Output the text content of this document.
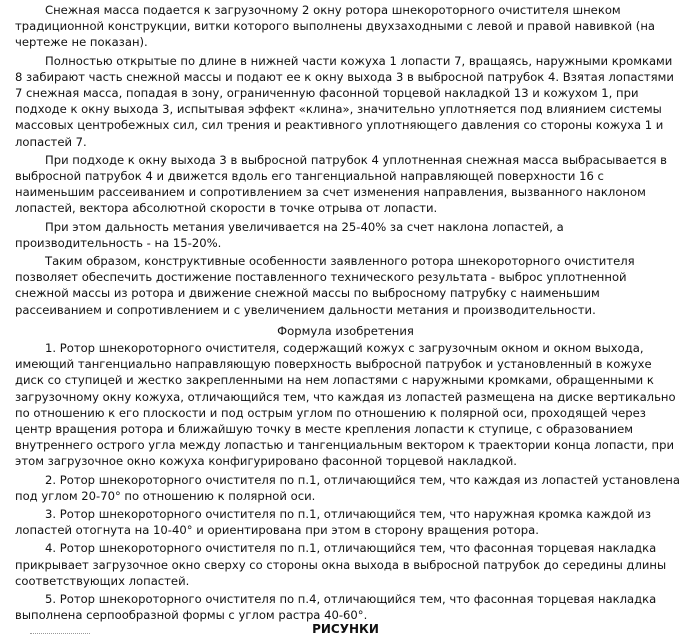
Снежная масса подается к загрузочному 2 окну ротора шнекороторного очистителя шнеком традиционной конструкции, витки которого выполнены двухзаходными с левой и правой навивкой (на чертеже не показан).

Полностью открытые по длине в нижней части кожуха 1 лопасти 7, вращаясь, наружными кромками 8 забирают часть снежной массы и подают ее к окну выхода 3 в выбросной патрубок 4. Взятая лопастями 7 снежная масса, попадая в зону, ограниченную фасонной торцевой накладкой 13 и кожухом 1, при подходе к окну выхода 3, испытывая эффект «клина», значительно уплотняется под влиянием системы массовых центробежных сил, сил трения и реактивного уплотняющего давления со стороны кожуха 1 и лопастей 7.

При подходе к окну выхода 3 в выбросной патрубок 4 уплотненная снежная масса выбрасывается в выбросной патрубок 4 и движется вдоль его тангенциальной направляющей поверхности 16 с наименьшим рассеиванием и сопротивлением за счет изменения направления, вызванного наклоном лопастей, вектора абсолютной скорости в точке отрыва от лопасти.

При этом дальность метания увеличивается на 25-40% за счет наклона лопастей, а производительность - на 15-20%.

Таким образом, конструктивные особенности заявленного ротора шнекороторного очистителя позволяет обеспечить достижение поставленного технического результата - выброс уплотненной снежной массы из ротора и движение снежной массы по выбросному патрубку с наименьшим рассеиванием и сопротивлением и с увеличением дальности метания и производительности.

Формула изобретения

1. Ротор шнекороторного очистителя, содержащий кожух с загрузочным окном и окном выхода, имеющий тангенциально направляющую поверхность выбросной патрубок и установленный в кожухе диск со ступицей и жестко закрепленными на нем лопастями с наружными кромками, обращенными к загрузочному окну кожуха, отличающийся тем, что каждая из лопастей размещена на диске вертикально по отношению к его плоскости и под острым углом по отношению к полярной оси, проходящей через центр вращения ротора и ближайшую точку в месте крепления лопасти к ступице, с образованием внутреннего острого угла между лопастью и тангенциальным вектором к траектории конца лопасти, при этом загрузочное окно кожуха конфигурировано фасонной торцевой накладкой.

2. Ротор шнекороторного очистителя по п.1, отличающийся тем, что каждая из лопастей установлена под углом 20-70° по отношению к полярной оси.

3. Ротор шнекороторного очистителя по п.1, отличающийся тем, что наружная кромка каждой из лопастей отогнута на 10-40° и ориентирована при этом в сторону вращения ротора.

4. Ротор шнекороторного очистителя по п.1, отличающийся тем, что фасонная торцевая накладка прикрывает загрузочное окно сверху со стороны окна выхода в выбросной патрубок до середины длины соответствующих лопастей.

5. Ротор шнекороторного очистителя по п.4, отличающийся тем, что фасонная торцевая накладка выполнена серпообразной формы с углом растра 40-60°.

РИСУНКИ
